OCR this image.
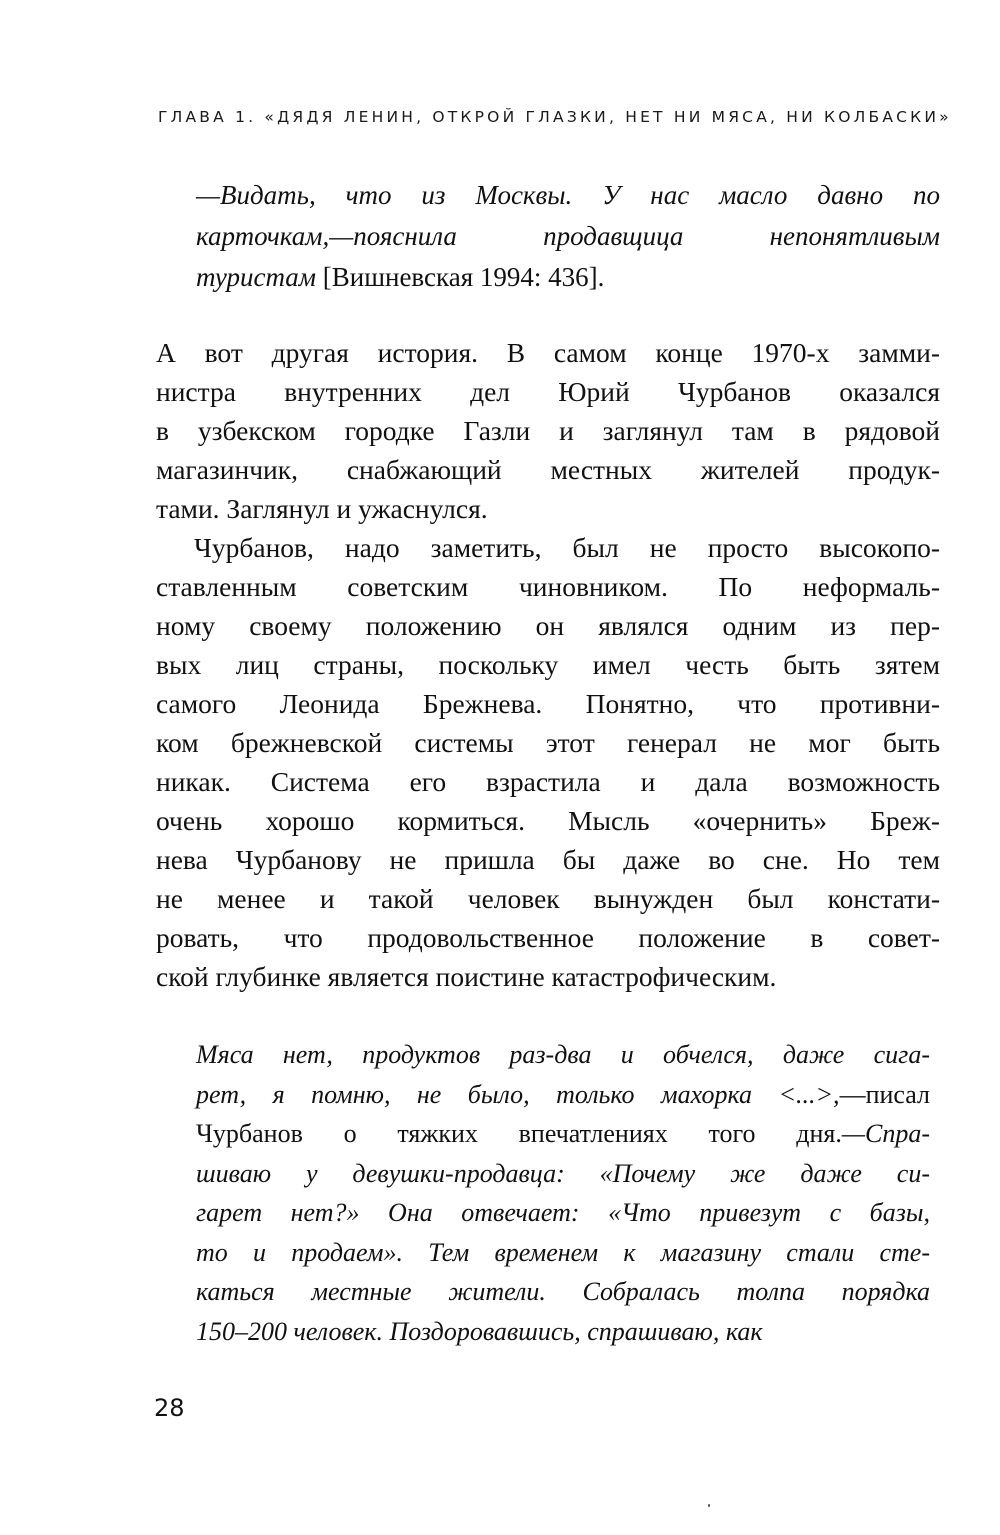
ГЛАВА 1. «ДЯДЯ ЛЕНИН, ОТКРОЙ ГЛАЗКИ, НЕТ НИ МЯСА, НИ КОЛБАСКИ»
—Видать, что из Москвы. У нас масло давно по
карточкам,—пояснила продавщица непонятливым
туристам [Вишневская 1994: 436].
А вот другая история. В самом конце 1970-х замми-
нистра внутренних дел Юрий Чурбанов оказался
в узбекском городке Газли и заглянул там в рядовой
магазинчик, снабжающий местных жителей продук-
тами. Заглянул и ужаснулся.
Чурбанов, надо заметить, был не просто высокопо-
ставленным советским чиновником. По неформаль-
ному своему положению он являлся одним из пер-
вых лиц страны, поскольку имел честь быть зятем
самого Леонида Брежнева. Понятно, что противни-
ком брежневской системы этот генерал не мог быть
никак. Система его взрастила и дала возможность
очень хорошо кормиться. Мысль «очернить» Бреж-
нева Чурбанову не пришла бы даже во сне. Но тем
не менее и такой человек вынужден был констати-
ровать, что продовольственное положение в совет-
ской глубинке является поистине катастрофическим.
Мяса нет, продуктов раз-два и обчелся, даже сига-
рет, я помню, не было, только махорка <...>,—писал
Чурбанов о тяжких впечатлениях того дня.—Спра-
шиваю у девушки-продавца: «Почему же даже си-
гарет нет?» Она отвечает: «Что привезут с базы,
то и продаем». Тем временем к магазину стали сте-
каться местные жители. Собралась толпа порядка
150–200 человек. Поздоровавшись, спрашиваю, как
28
